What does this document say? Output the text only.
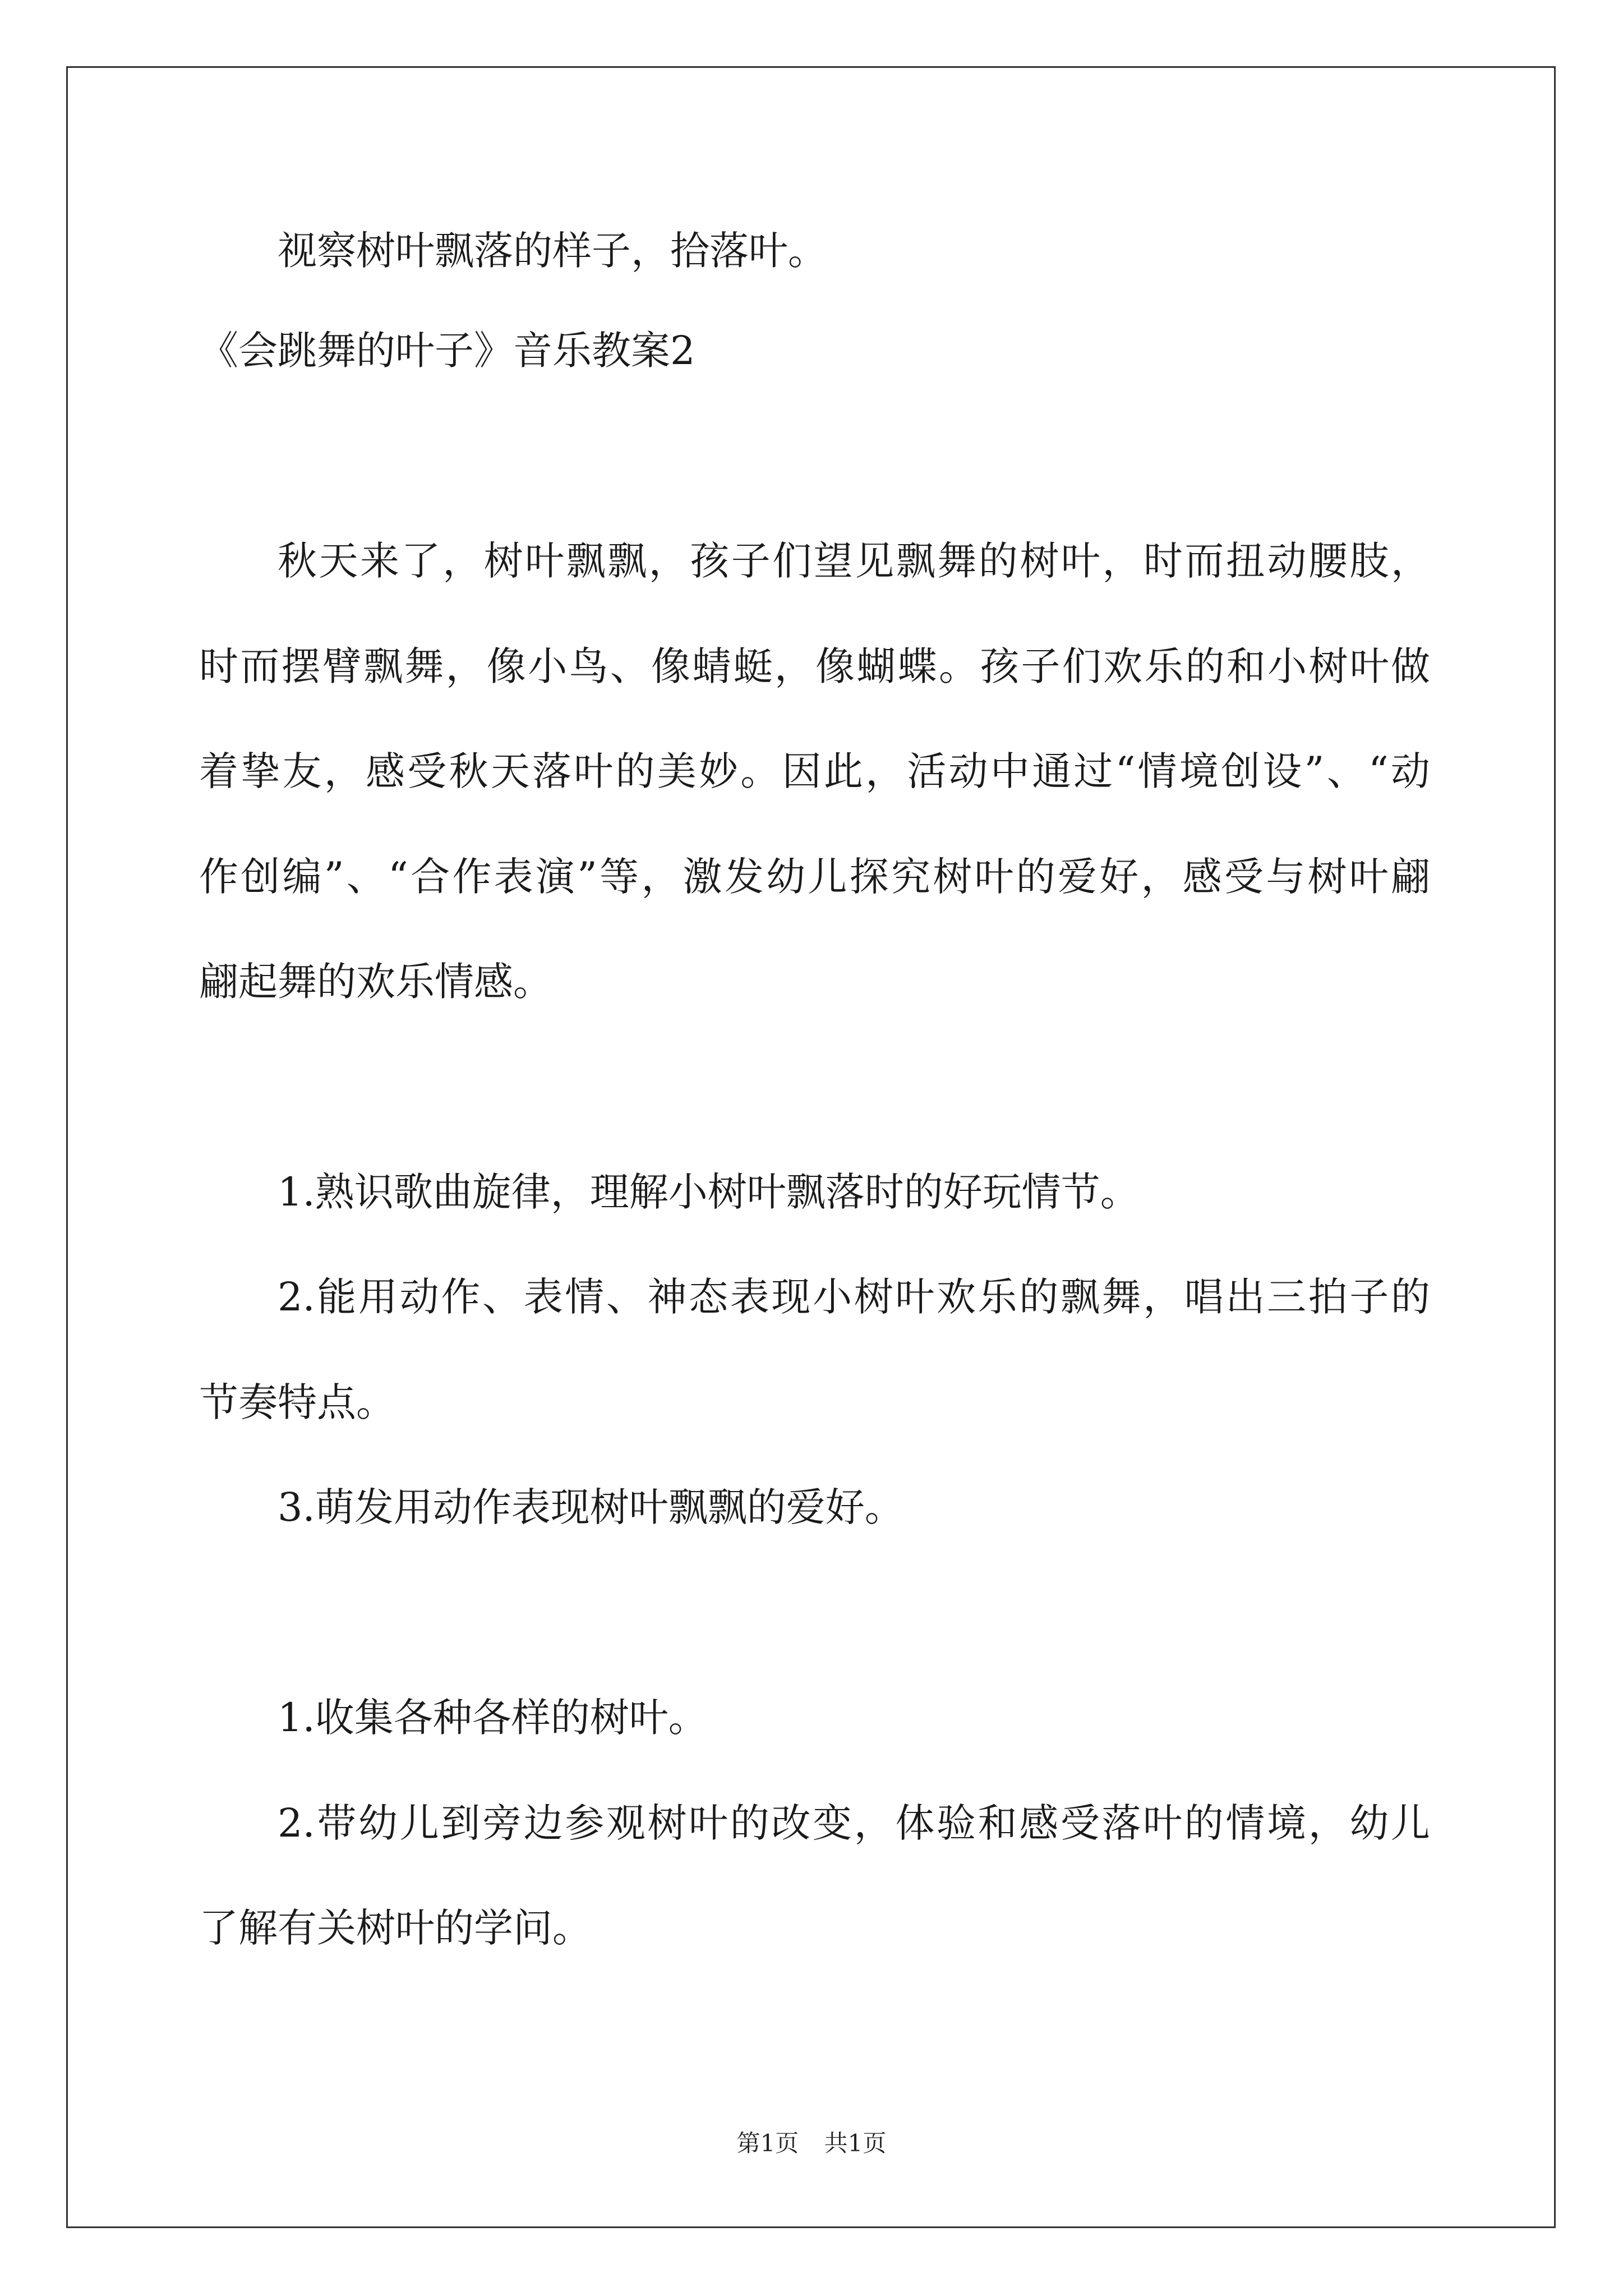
视察树叶飘落的样子，拾落叶。
《会跳舞的叶子》音乐教案2
秋天来了，树叶飘飘，孩子们望见飘舞的树叶，时而扭动腰肢，
时而摆臂飘舞，像小鸟、像蜻蜓，像蝴蝶。孩子们欢乐的和小树叶做
着挚友，感受秋天落叶的美妙。因此，活动中通过“情境创设”、“动
作创编”、“合作表演”等，激发幼儿探究树叶的爱好，感受与树叶翩
翩起舞的欢乐情感。
1.熟识歌曲旋律，理解小树叶飘落时的好玩情节。
2.能用动作、表情、神态表现小树叶欢乐的飘舞，唱出三拍子的
节奏特点。
3.萌发用动作表现树叶飘飘的爱好。
1.收集各种各样的树叶。
2.带幼儿到旁边参观树叶的改变，体验和感受落叶的情境，幼儿
了解有关树叶的学问。
第1页 共1页
